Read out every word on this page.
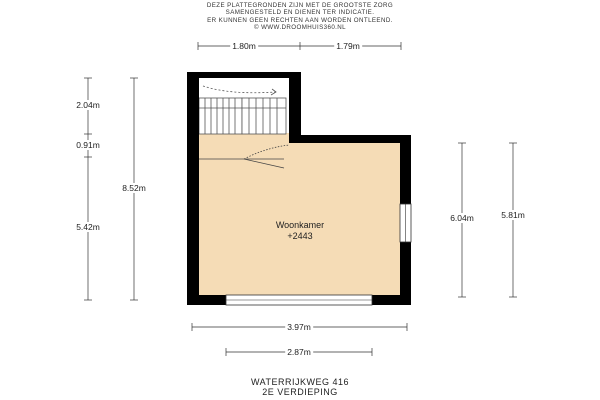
DEZE PLATTEGRONDEN ZIJN MET DE GROOTSTE ZORG
SAMENGESTELD EN DIENEN TER INDICATIE.
ER KUNNEN GEEN RECHTEN AAN WORDEN ONTLEEND.
© WWW.DROOMHUIS360.NL
1.80m	1.79m
2.04m
0.91m
5.42m
8.52m
6.04m	5.81m
3.97m
2.87m
Woonkamer
+2443
WATERRIJKWEG 416
2E VERDIEPING
